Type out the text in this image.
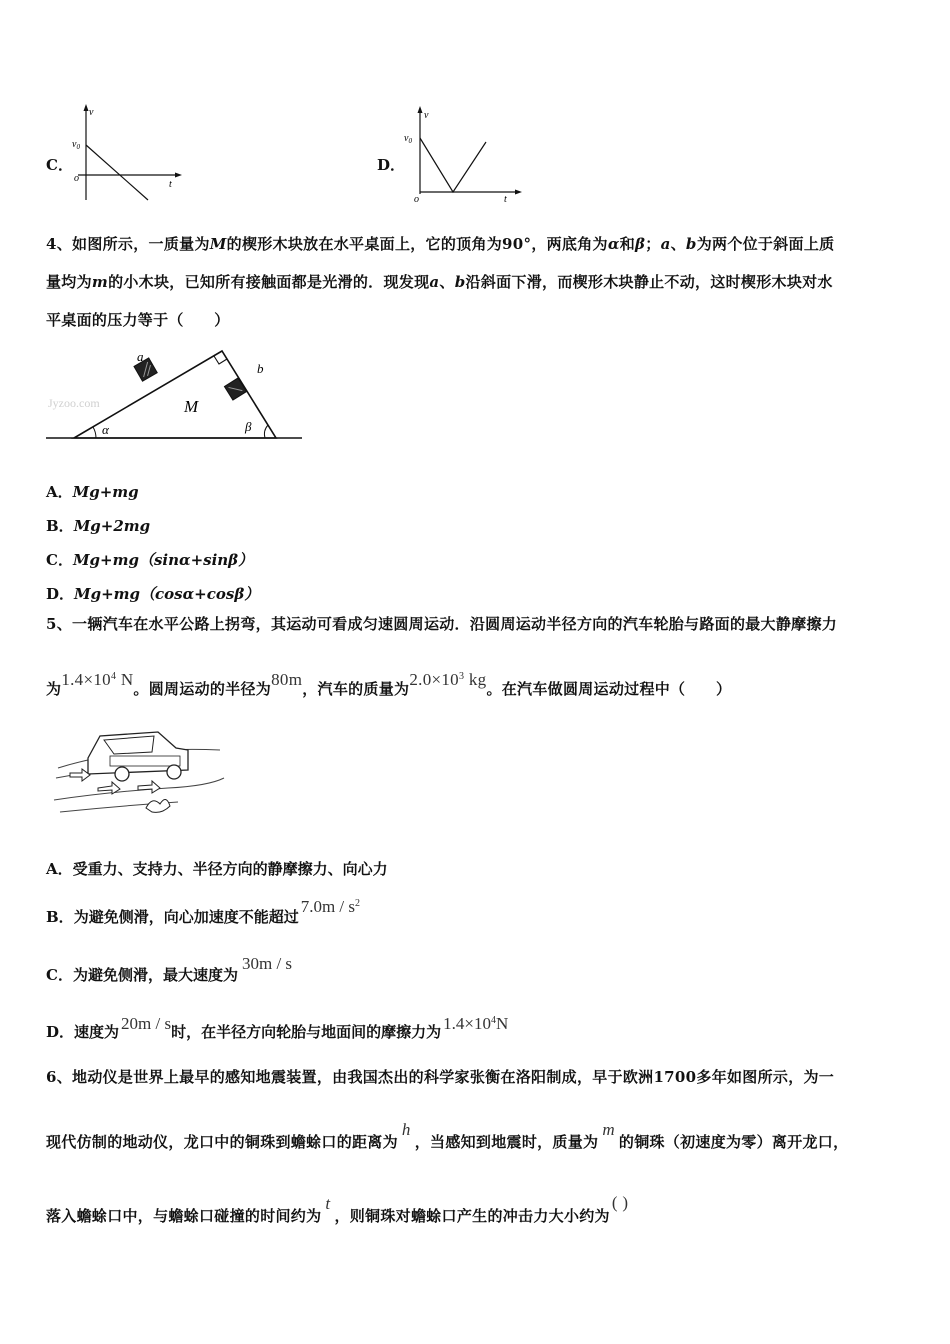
C．
v
$v_0$
o
t
D．
v
$v_0$
o	t
4、如图所示，一质量为M的楔形木块放在水平桌面上，它的顶角为90°，两底角为α和β；a、b为两个位于斜面上质
量均为m的小木块，已知所有接触面都是光滑的．现发现a、b沿斜面下滑，而楔形木块静止不动，这时楔形木块对水
平桌面的压力等于（　　）
a
b
M
α	β
Jyzoo.com
A．Mg+mg
B．Mg+2mg
C．Mg+mg（sinα+sinβ）
D．Mg+mg（cosα+cosβ）
5、一辆汽车在水平公路上拐弯，其运动可看成匀速圆周运动．沿圆周运动半径方向的汽车轮胎与路面的最大静摩擦力
为$1.4\times 10^4$ N。圆周运动的半径为80m，汽车的质量为$2.0\times 10^3$ kg。在汽车做圆周运动过程中（　　）
A．受重力、支持力、半径方向的静摩擦力、向心力
B．为避免侧滑，向心加速度不能超过$7.0m / s^2$
C．为避免侧滑，最大速度为30m / s
D．速度为 20m / s时，在半径方向轮胎与地面间的摩擦力为 $1.4\times 10^4N$
6、地动仪是世界上最早的感知地震装置，由我国杰出的科学家张衡在洛阳制成，早于欧洲1700多年如图所示，为一
现代仿制的地动仪，龙口中的铜珠到蟾蜍口的距离为h，当感知到地震时，质量为m的铜珠（初速度为零）离开龙口，
落入蟾蜍口中，与蟾蜍口碰撞的时间约为t，则铜珠对蟾蜍口产生的冲击力大小约为( )
